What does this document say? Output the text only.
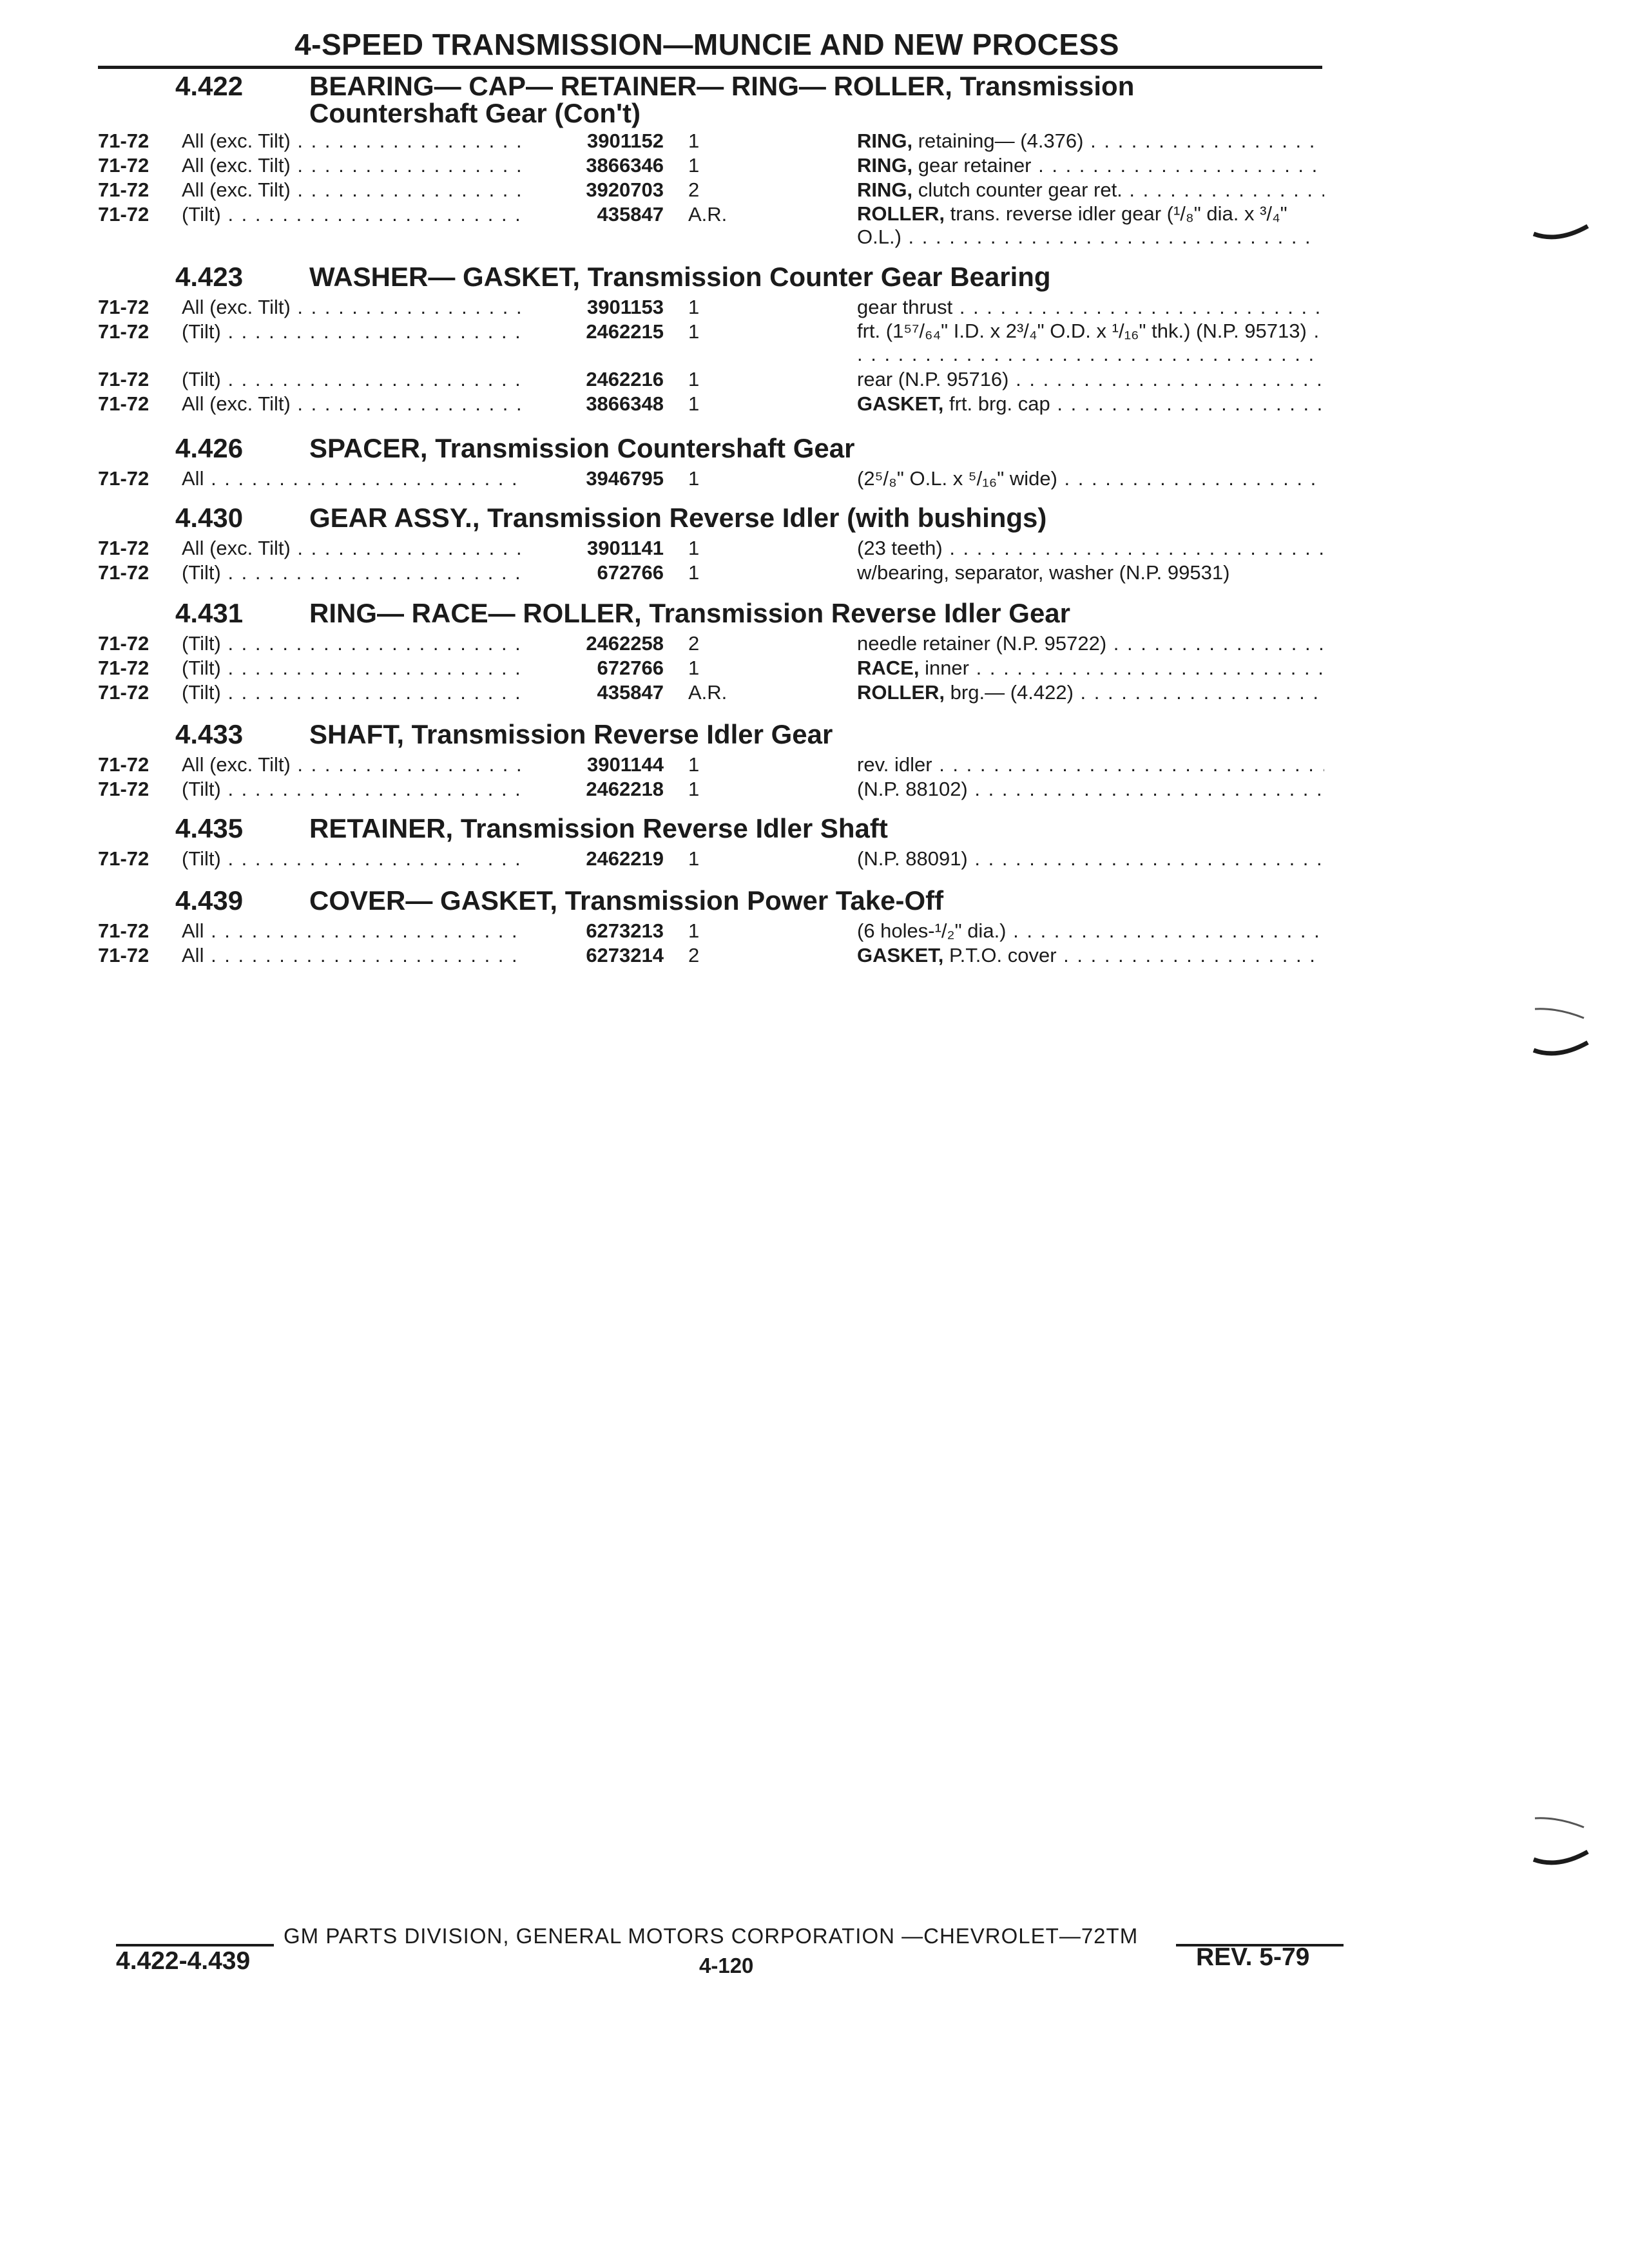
4-SPEED TRANSMISSION—MUNCIE AND NEW PROCESS
4.422 BEARING— CAP— RETAINER— RING— ROLLER, Transmission
Countershaft Gear (Con't)
71-72 All (exc. Tilt) . . .	3901152 1	RING, retaining— (4.376) . . .
71-72 All (exc. Tilt) . . .	3866346 1	RING, gear retainer . . .
71-72 All (exc. Tilt) . . .	3920703 2	RING, clutch counter gear ret. . . .
71-72 (Tilt) . . .	435847 A.R.	ROLLER, trans. reverse idler gear (¹/₈" dia. x ³/₄" O.L.) . . .
4.423 WASHER— GASKET, Transmission Counter Gear Bearing
71-72 All (exc. Tilt) . . .	3901153 1	gear thrust . . .
71-72 (Tilt) . . .	2462215 1	frt. (1⁵⁷/₆₄" I.D. x 2³/₄" O.D. x ¹/₁₆" thk.) (N.P. 95713) . . .
71-72 (Tilt) . . .	2462216 1	rear (N.P. 95716) . . .
71-72 All (exc. Tilt) . . .	3866348 1	GASKET, frt. brg. cap . . .
4.426 SPACER, Transmission Countershaft Gear
71-72 All . . .	3946795 1	(2⁵/₈" O.L. x ⁵/₁₆" wide) . . .
4.430 GEAR ASSY., Transmission Reverse Idler (with bushings)
71-72 All (exc. Tilt) . . .	3901141 1	(23 teeth) . . .
71-72 (Tilt) . . .	672766 1	w/bearing, separator, washer (N.P. 99531)
4.431 RING— RACE— ROLLER, Transmission Reverse Idler Gear
71-72 (Tilt) . . .	2462258 2	needle retainer (N.P. 95722) . . .
71-72 (Tilt) . . .	672766 1	RACE, inner . . .
71-72 (Tilt) . . .	435847 A.R.	ROLLER, brg.— (4.422) . . .
4.433 SHAFT, Transmission Reverse Idler Gear
71-72 All (exc. Tilt) . . .	3901144 1	rev. idler . . .
71-72 (Tilt) . . .	2462218 1	(N.P. 88102) . . .
4.435 RETAINER, Transmission Reverse Idler Shaft
71-72 (Tilt) . . .	2462219 1	(N.P. 88091) . . .
4.439 COVER— GASKET, Transmission Power Take-Off
71-72 All . . .	6273213 1	(6 holes-¹/₂" dia.) . . .
71-72 All . . .	6273214 2	GASKET, P.T.O. cover . . .
GM PARTS DIVISION, GENERAL MOTORS CORPORATION —CHEVROLET—72TM
4.422-4.439	4-120	REV. 5-79
